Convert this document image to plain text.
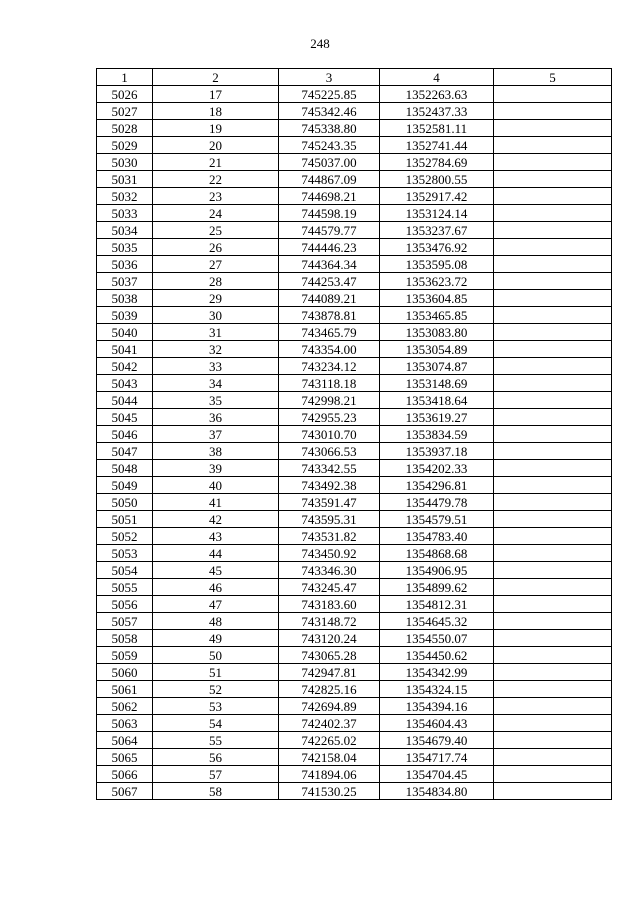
248
1	2	3	4	5
5026	17	745225.85	1352263.63	
5027	18	745342.46	1352437.33	
5028	19	745338.80	1352581.11	
5029	20	745243.35	1352741.44	
5030	21	745037.00	1352784.69	
5031	22	744867.09	1352800.55	
5032	23	744698.21	1352917.42	
5033	24	744598.19	1353124.14	
5034	25	744579.77	1353237.67	
5035	26	744446.23	1353476.92	
5036	27	744364.34	1353595.08	
5037	28	744253.47	1353623.72	
5038	29	744089.21	1353604.85	
5039	30	743878.81	1353465.85	
5040	31	743465.79	1353083.80	
5041	32	743354.00	1353054.89	
5042	33	743234.12	1353074.87	
5043	34	743118.18	1353148.69	
5044	35	742998.21	1353418.64	
5045	36	742955.23	1353619.27	
5046	37	743010.70	1353834.59	
5047	38	743066.53	1353937.18	
5048	39	743342.55	1354202.33	
5049	40	743492.38	1354296.81	
5050	41	743591.47	1354479.78	
5051	42	743595.31	1354579.51	
5052	43	743531.82	1354783.40	
5053	44	743450.92	1354868.68	
5054	45	743346.30	1354906.95	
5055	46	743245.47	1354899.62	
5056	47	743183.60	1354812.31	
5057	48	743148.72	1354645.32	
5058	49	743120.24	1354550.07	
5059	50	743065.28	1354450.62	
5060	51	742947.81	1354342.99	
5061	52	742825.16	1354324.15	
5062	53	742694.89	1354394.16	
5063	54	742402.37	1354604.43	
5064	55	742265.02	1354679.40	
5065	56	742158.04	1354717.74	
5066	57	741894.06	1354704.45	
5067	58	741530.25	1354834.80	
